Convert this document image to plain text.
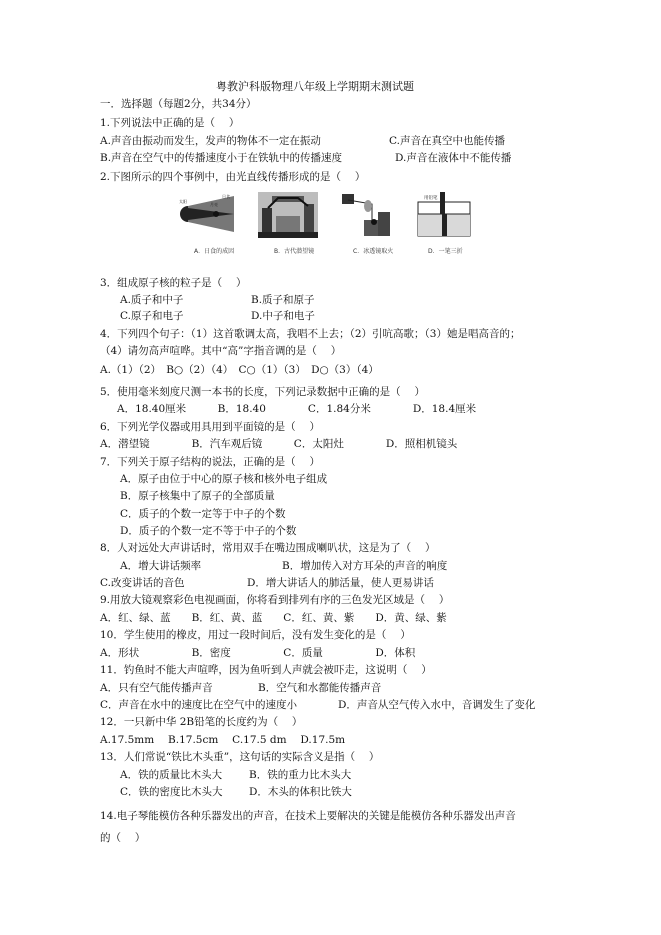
粤教沪科版物理八年级上学期期末测试题
一．选择题（每题2分，共34分）
1.下列说法中正确的是（　 ）
A.声音由振动而发生，发声的物体不一定在振动	C.声音在真空中也能传播
B.声音在空气中的传播速度小于在铁轨中的传播速度	D.声音在液体中不能传播
2.下图所示的四个事例中，由光直线传播形成的是（　 ）
太阳
月亮
日食	用铅笔
A．日食的成因	B．古代潜望镜	C．冰透镜取火	D．一笔三折
3．组成原子核的粒子是（　 ）
A.质子和中子	B.质子和原子
C.原子和电子	D.中子和电子
4．下列四个句子：（1）这首歌调太高，我唱不上去；（2）引吭高歌；（3）她是唱高音的；
（4）请勿高声喧哗。其中“高”字指音调的是（　 ）
A.（1）（2）　B○（2）（4）　C○（1）（3）　D○（3）（4）
5．使用毫米刻度尺测一本书的长度，下列记录数据中正确的是（　 ）
A．18.40厘米　　　B．18.40　　　　C．1.84分米　　　　D．18.4厘米
6．下列光学仪器或用具用到平面镜的是（　 ）
A．潜望镜　　　　B．汽车观后镜　　　C．太阳灶　　　　D．照相机镜头
7．下列关于原子结构的说法，正确的是（　 ）
A．原子由位于中心的原子核和核外电子组成
B．原子核集中了原子的全部质量
C．质子的个数一定等于中子的个数
D．质子的个数一定不等于中子的个数
8．人对远处大声讲话时，常用双手在嘴边围成喇叭状，这是为了（　 ）
A．增大讲话频率	B．增加传入对方耳朵的声音的响度
C.改变讲话的音色	D．增大讲话人的肺活量，使人更易讲话
9.用放大镜观察彩色电视画面，你将看到排列有序的三色发光区域是（　 ）
A．红、绿、蓝　　B．红、黄、蓝　　C．红、黄、紫　　D．黄、绿、紫
10．学生使用的橡皮，用过一段时间后，没有发生变化的是（　 ）
A．形状　　　　　B．密度　　　　　C．质量　　　　　D．体积
11．钓鱼时不能大声喧哗，因为鱼听到人声就会被吓走，这说明（　 ）
A．只有空气能传播声音	B．空气和水都能传播声音
C．声音在水中的速度比在空气中的速度小	D．声音从空气传入水中，音调发生了变化
12．一只新中华 2B铅笔的长度约为（　 ）
A.17.5mm　 B.17.5cm　 C.17.5 dm　 D.17.5m
13．人们常说“铁比木头重”，这句话的实际含义是指（　 ）
A．铁的质量比木头大	B．铁的重力比木头大
C．铁的密度比木头大	D．木头的体积比铁大
14.电子琴能模仿各种乐器发出的声音，在技术上要解决的关键是能模仿各种乐器发出声音
的（　 ）
